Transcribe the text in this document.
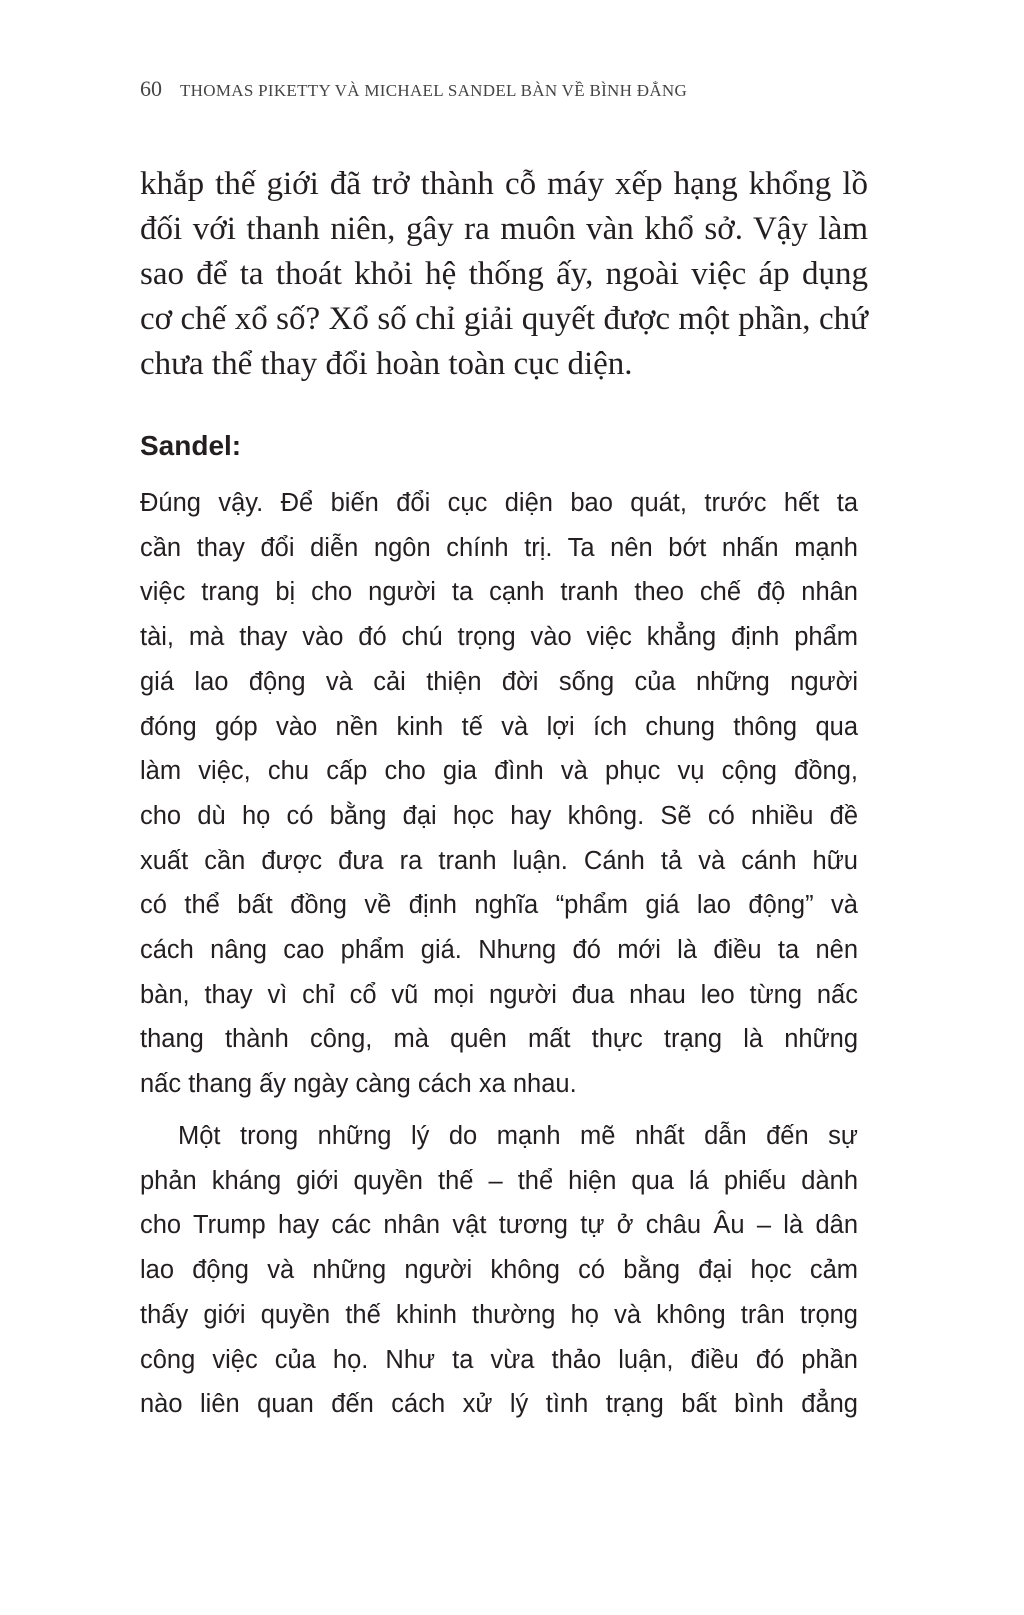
60 THOMAS PIKETTY VÀ MICHAEL SANDEL BÀN VỀ BÌNH ĐẲNG
khắp thế giới đã trở thành cỗ máy xếp hạng khổng lồ
đối với thanh niên, gây ra muôn vàn khổ sở. Vậy làm
sao để ta thoát khỏi hệ thống ấy, ngoài việc áp dụng
cơ chế xổ số? Xổ số chỉ giải quyết được một phần, chứ
chưa thể thay đổi hoàn toàn cục diện.
Sandel:
Đúng vậy. Để biến đổi cục diện bao quát, trước hết ta
cần thay đổi diễn ngôn chính trị. Ta nên bớt nhấn mạnh
việc trang bị cho người ta cạnh tranh theo chế độ nhân
tài, mà thay vào đó chú trọng vào việc khẳng định phẩm
giá lao động và cải thiện đời sống của những người
đóng góp vào nền kinh tế và lợi ích chung thông qua
làm việc, chu cấp cho gia đình và phục vụ cộng đồng,
cho dù họ có bằng đại học hay không. Sẽ có nhiều đề
xuất cần được đưa ra tranh luận. Cánh tả và cánh hữu
có thể bất đồng về định nghĩa “phẩm giá lao động” và
cách nâng cao phẩm giá. Nhưng đó mới là điều ta nên
bàn, thay vì chỉ cổ vũ mọi người đua nhau leo từng nấc
thang thành công, mà quên mất thực trạng là những
nấc thang ấy ngày càng cách xa nhau.
Một trong những lý do mạnh mẽ nhất dẫn đến sự
phản kháng giới quyền thế – thể hiện qua lá phiếu dành
cho Trump hay các nhân vật tương tự ở châu Âu – là dân
lao động và những người không có bằng đại học cảm
thấy giới quyền thế khinh thường họ và không trân trọng
công việc của họ. Như ta vừa thảo luận, điều đó phần
nào liên quan đến cách xử lý tình trạng bất bình đẳng
